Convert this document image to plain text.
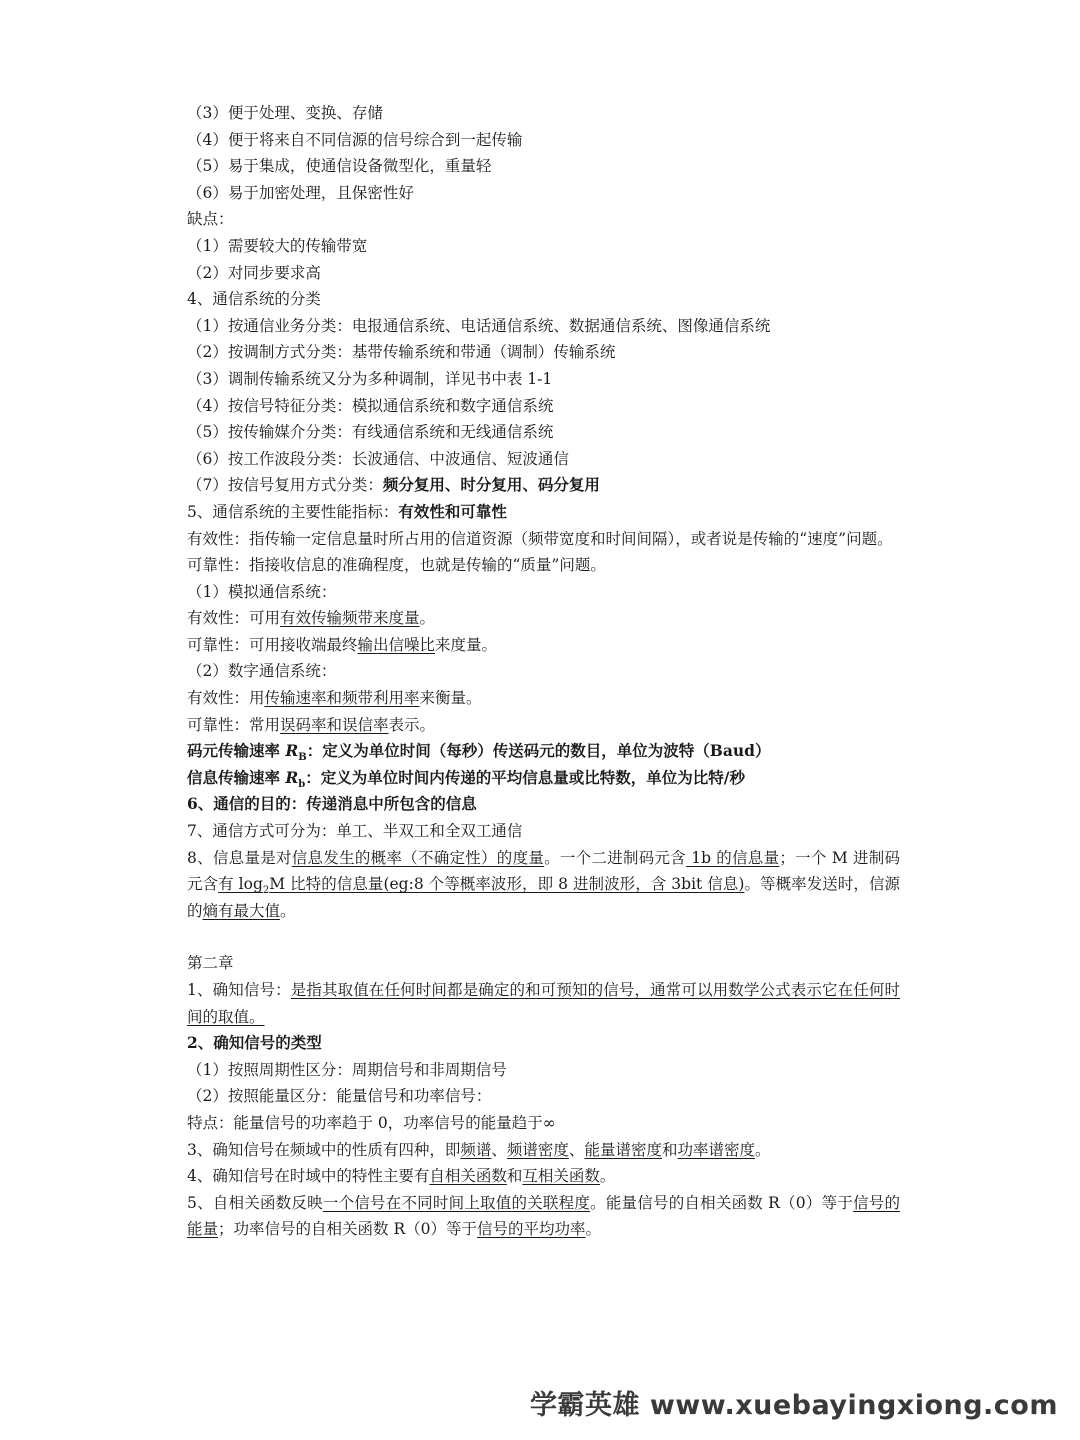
（3）便于处理、变换、存储
（4）便于将来自不同信源的信号综合到一起传输
（5）易于集成，使通信设备微型化，重量轻
（6）易于加密处理，且保密性好
缺点：
（1）需要较大的传输带宽
（2）对同步要求高
4、通信系统的分类
（1）按通信业务分类：电报通信系统、电话通信系统、数据通信系统、图像通信系统
（2）按调制方式分类：基带传输系统和带通（调制）传输系统
（3）调制传输系统又分为多种调制，详见书中表 1-1
（4）按信号特征分类：模拟通信系统和数字通信系统
（5）按传输媒介分类：有线通信系统和无线通信系统
（6）按工作波段分类：长波通信、中波通信、短波通信
（7）按信号复用方式分类：频分复用、时分复用、码分复用
5、通信系统的主要性能指标：有效性和可靠性
有效性：指传输一定信息量时所占用的信道资源（频带宽度和时间间隔），或者说是传输的“速度”问题。
可靠性：指接收信息的准确程度，也就是传输的“质量”问题。
（1）模拟通信系统：
有效性：可用有效传输频带来度量。
可靠性：可用接收端最终输出信噪比来度量。
（2）数字通信系统：
有效性：用传输速率和频带利用率来衡量。
可靠性：常用误码率和误信率表示。
码元传输速率 $R_B$：定义为单位时间（每秒）传送码元的数目，单位为波特（Baud）
信息传输速率 $R_b$：定义为单位时间内传递的平均信息量或比特数，单位为比特/秒
6、通信的目的：传递消息中所包含的信息
7、通信方式可分为：单工、半双工和全双工通信
8、信息量是对信息发生的概率（不确定性）的度量。一个二进制码元含 1b 的信息量；一个 M 进制码元含有 $\log_2M$ 比特的信息量(eg:8 个等概率波形，即 8 进制波形，含 3bit 信息)。等概率发送时，信源的熵有最大值。
第二章
1、确知信号：是指其取值在任何时间都是确定的和可预知的信号，通常可以用数学公式表示它在任何时间的取值。
2、确知信号的类型
（1）按照周期性区分：周期信号和非周期信号
（2）按照能量区分：能量信号和功率信号：
特点：能量信号的功率趋于 0，功率信号的能量趋于∞
3、确知信号在频域中的性质有四种，即频谱、频谱密度、能量谱密度和功率谱密度。
4、确知信号在时域中的特性主要有自相关函数和互相关函数。
5、自相关函数反映一个信号在不同时间上取值的关联程度。能量信号的自相关函数 R（0）等于信号的能量；功率信号的自相关函数 R（0）等于信号的平均功率。
学霸英雄 www.xuebayingxiong.com
